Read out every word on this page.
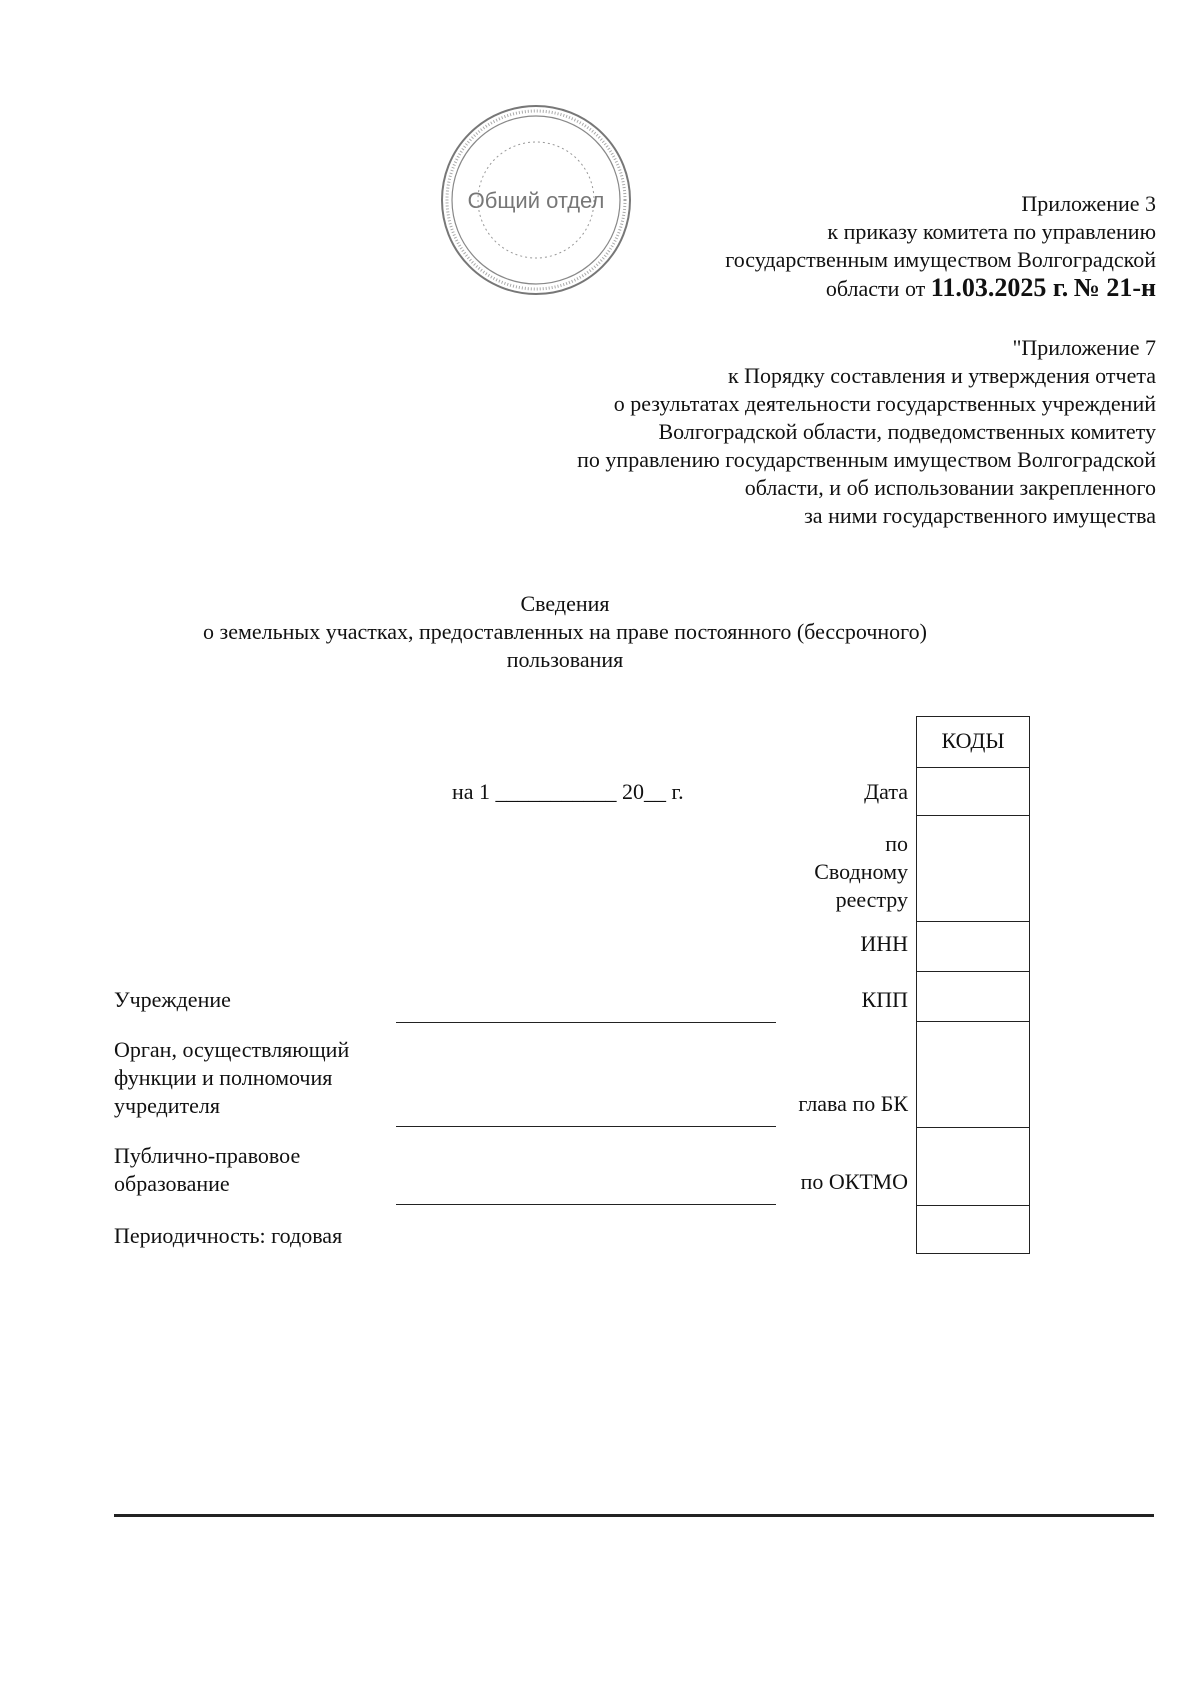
Общий отдел	Приложение 3
к приказу комитета по управлению
государственным имуществом Волгоградской
области от 11.03.2025 г. № 21-н
"Приложение 7
к Порядку составления и утверждения отчета
о результатах деятельности государственных учреждений
Волгоградской области, подведомственных комитету
по управлению государственным имуществом Волгоградской
области, и об использовании закрепленного
за ними государственного имущества
Сведения
о земельных участках, предоставленных на праве постоянного (бессрочного)
пользования
на 1 ___________ 20__ г.
КОДЫ
Дата
по
Сводному
реестру
ИНН
КПП
глава по БК
по ОКТМО
Учреждение
Орган, осуществляющий
функции и полномочия
учредителя
Публично-правовое
образование
Периодичность: годовая
